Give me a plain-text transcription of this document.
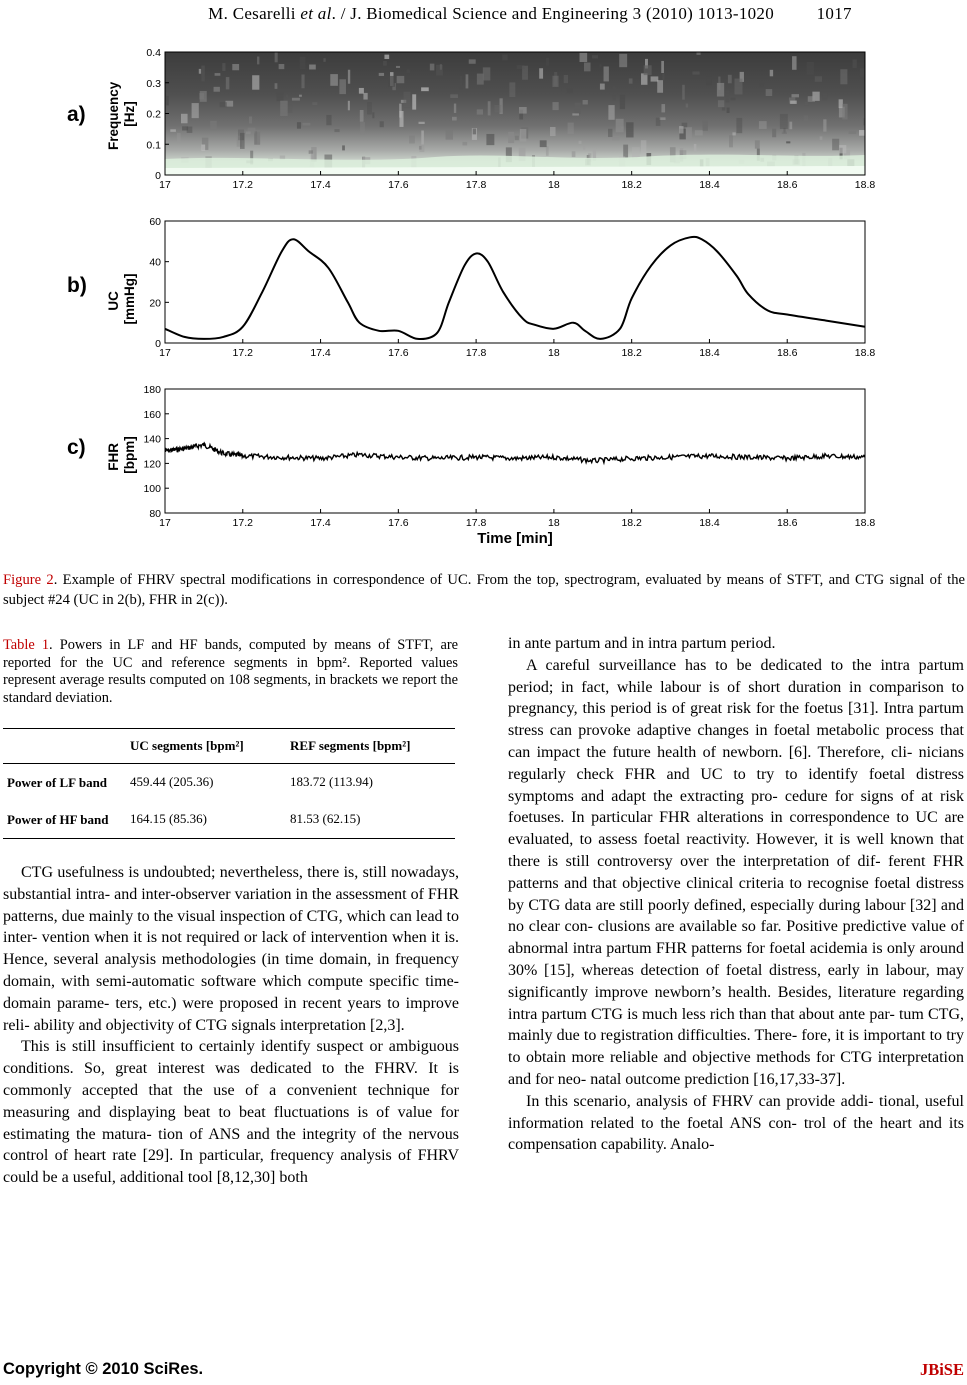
M. Cesarelli et al. / J. Biomedical Science and Engineering 3 (2010) 1013-1020	1017
a) Frequency [Hz]
0
0.1
0.2
0.3
0.4
17	17.2	17.4	17.6	17.8	18	18.2	18.4	18.6	18.8
b)
UC [mmHg]
0
20
40
60
17	17.2	17.4	17.6	17.8	18	18.2	18.4	18.6	18.8
c) FHR [bpm]
80
100
120
140
160
180
17	17.2	17.4	17.6	17.8	18	18.2	18.4	18.6	18.8
Time [min]
Figure 2. Example of FHRV spectral modifications in correspondence of UC. From the top, spectrogram, evaluated by means of STFT, and CTG signal of the subject #24 (UC in 2(b), FHR in 2(c)).
Table 1. Powers in LF and HF bands, computed by means of STFT, are reported for the UC and reference segments in bpm². Reported values represent average results computed on 108 segments, in brackets we report the standard deviation.
	UC segments [bpm²]	REF segments [bpm²]
Power of LF band	459.44 (205.36)	183.72 (113.94)
Power of HF band	164.15 (85.36)	81.53 (62.15)

CTG usefulness is undoubted; nevertheless, there is, still nowadays, substantial intra- and inter-observer variation in the assessment of FHR patterns, due mainly to the visual inspection of CTG, which can lead to inter- vention when it is not required or lack of intervention when it is. Hence, several analysis methodologies (in time domain, in frequency domain, with semi-automatic software which compute specific time-domain parame- ters, etc.) were proposed in recent years to improve reli- ability and objectivity of CTG signals interpretation [2,3].

This is still insufficient to certainly identify suspect or ambiguous conditions. So, great interest was dedicated to the FHRV. It is commonly accepted that the use of a convenient technique for measuring and displaying beat to beat fluctuations is of value for estimating the matura- tion of ANS and the integrity of the nervous control of heart rate [29]. In particular, frequency analysis of FHRV could be a useful, additional tool [8,12,30] both

in ante partum and in intra partum period.

A careful surveillance has to be dedicated to the intra partum period; in fact, while labour is of short duration in comparison to pregnancy, this period is of great risk for the foetus [31]. Intra partum stress can provoke adaptive changes in foetal metabolic process that can impact the future health of newborn. [6]. Therefore, cli- nicians regularly check FHR and UC to try to identify foetal distress symptoms and adapt the extracting pro- cedure for signs of at risk foetuses. In particular FHR alterations in correspondence to UC are evaluated, to assess foetal reactivity. However, it is well known that there is still controversy over the interpretation of dif- ferent FHR patterns and that objective clinical criteria to recognise foetal distress by CTG data are still poorly defined, especially during labour [32] and no clear con- clusions are available so far. Positive predictive value of abnormal intra partum FHR patterns for foetal acidemia is only around 30% [15], whereas detection of foetal distress, early in labour, may significantly improve newborn’s health. Besides, literature regarding intra partum CTG is much less rich than that about ante par- tum CTG, mainly due to registration difficulties. There- fore, it is important to try to obtain more reliable and objective methods for CTG interpretation and for neo- natal outcome prediction [16,17,33-37].

In this scenario, analysis of FHRV can provide addi- tional, useful information related to the foetal ANS con- trol of the heart and its compensation capability. Analo-

Copyright © 2010 SciRes.	JBiSE
